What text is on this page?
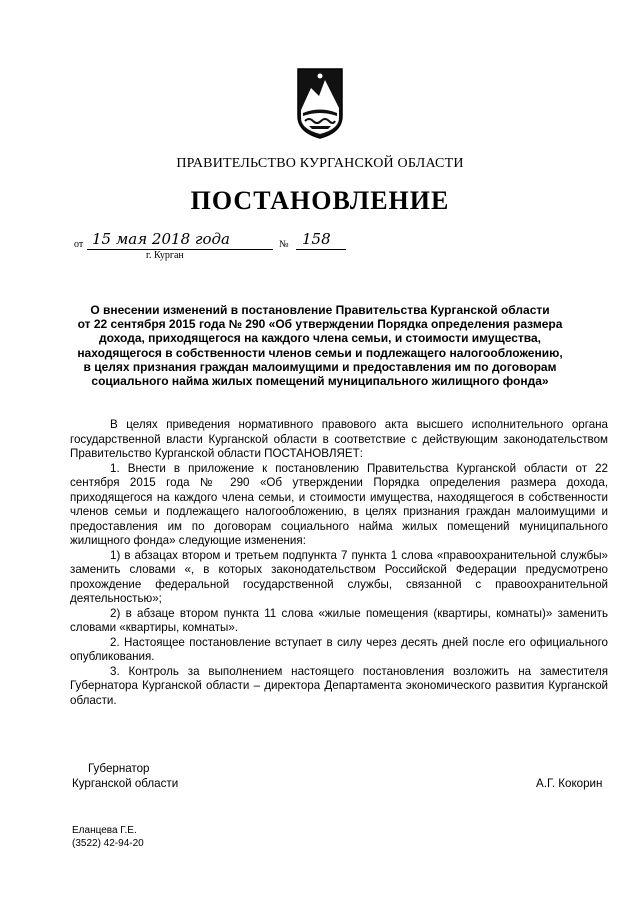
ПРАВИТЕЛЬСТВО КУРГАНСКОЙ ОБЛАСТИ
ПОСТАНОВЛЕНИЕ
от 15 мая 2018 года	№ 158
г. Курган
О внесении изменений в постановление Правительства Курганской области
от 22 сентября 2015 года № 290 «Об утверждении Порядка определения размера
дохода, приходящегося на каждого члена семьи, и стоимости имущества,
находящегося в собственности членов семьи и подлежащего налогообложению,
в целях признания граждан малоимущими и предоставления им по договорам
социального найма жилых помещений муниципального жилищного фонда»

В целях приведения нормативного правового акта высшего исполнительного органа государственной власти Курганской области в соответствие с действующим законодательством Правительство Курганской области ПОСТАНОВЛЯЕТ:

1. Внести в приложение к постановлению Правительства Курганской области от 22 сентября 2015 года № 290 «Об утверждении Порядка определения размера дохода, приходящегося на каждого члена семьи, и стоимости имущества, находящегося в собственности членов семьи и подлежащего налогообложению, в целях признания граждан малоимущими и предоставления им по договорам социального найма жилых помещений муниципального жилищного фонда» следующие изменения:

1) в абзацах втором и третьем подпункта 7 пункта 1 слова «правоохранительной службы» заменить словами «, в которых законодательством Российской Федерации предусмотрено прохождение федеральной государственной службы, связанной с правоохранительной деятельностью»;

2) в абзаце втором пункта 11 слова «жилые помещения (квартиры, комнаты)» заменить словами «квартиры, комнаты».

2. Настоящее постановление вступает в силу через десять дней после его официального опубликования.

3. Контроль за выполнением настоящего постановления возложить на заместителя Губернатора Курганской области – директора Департамента экономического развития Курганской области.

Губернатор
Курганской области	А.Г. Кокорин
Еланцева Г.Е.
(3522) 42-94-20
